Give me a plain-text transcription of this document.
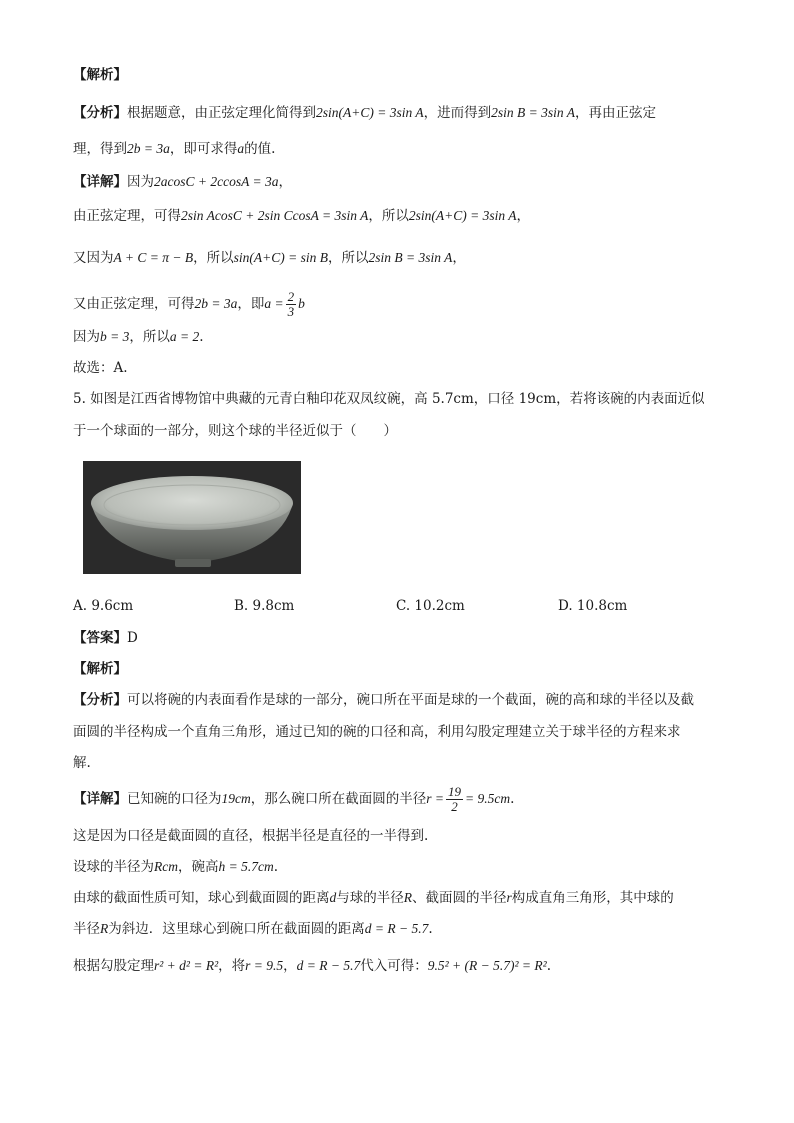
【解析】
【分析】根据题意，由正弦定理化简得到2sin(A+C) = 3sin A，进而得到2sin B = 3sin A，再由正弦定
理，得到2b = 3a，即可求得a的值.
【详解】因为2acosC + 2ccosA = 3a，
由正弦定理，可得2sin AcosC + 2sin CcosA = 3sin A，所以2sin(A+C) = 3sin A，
又因为A + C = π − B，所以sin(A+C) = sin B，所以2sin B = 3sin A，
又由正弦定理，可得2b = 3a，即$a = \frac{2}{3}$ b
因为b = 3，所以a = 2.
故选：A.
5. 如图是江西省博物馆中典藏的元青白釉印花双凤纹碗，高 5.7cm，口径 19cm，若将该碗的内表面近似
于一个球面的一部分，则这个球的半径近似于（　　）
A. 9.6cm	B. 9.8cm	C. 10.2cm	D. 10.8cm
【答案】D
【解析】
【分析】可以将碗的内表面看作是球的一部分，碗口所在平面是球的一个截面，碗的高和球的半径以及截
面圆的半径构成一个直角三角形，通过已知的碗的口径和高，利用勾股定理建立关于球半径的方程来求
解.
【详解】已知碗的口径为19cm，那么碗口所在截面圆的半径$r = \frac{19}{2} = 9.5cm$.
这是因为口径是截面圆的直径，根据半径是直径的一半得到.
设球的半径为Rcm，碗高h = 5.7cm.
由球的截面性质可知，球心到截面圆的距离d与球的半径R、截面圆的半径r构成直角三角形，其中球的
半径R为斜边．这里球心到碗口所在截面圆的距离d = R − 5.7.
根据勾股定理r² + d² = R²，将r = 9.5，d = R − 5.7代入可得：9.5² + (R − 5.7)² = R².
